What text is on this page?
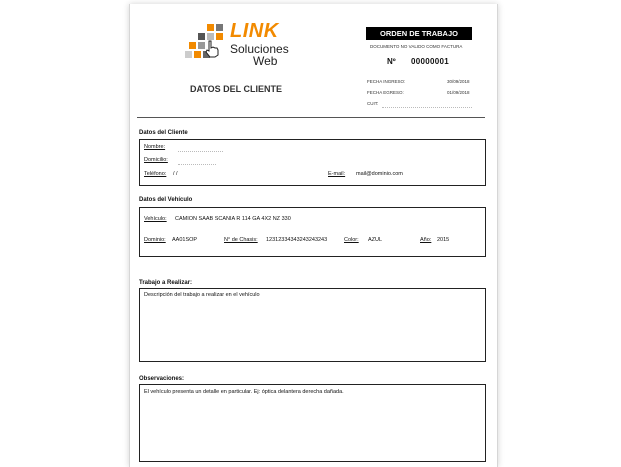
LINK
Soluciones
Web
ORDEN DE TRABAJO
DOCUMENTO NO VALIDO COMO FACTURA
Nº 00000001
FECHA INGRESO:	30/09/2018
FECHA EGRESO:	01/09/2018
CUIT:
DATOS DEL CLIENTE
Datos del Cliente
Nombre:
Domicilio:
Teléfono: / /	E-mail: mail@dominio.com
Datos del Vehículo
Vehículo: CAMION SAAB SCANIA R 114 GA 4X2 NZ 330
Dominio: AA01SOP	N° de Chasis: 12312334343243243243	Color: AZUL	Año: 2015
Trabajo a Realizar:
Descripción del trabajo a realizar en el vehículo
Observaciones:
El vehículo presenta un detalle en particular. Ej: óptica delantera derecha dañada.
